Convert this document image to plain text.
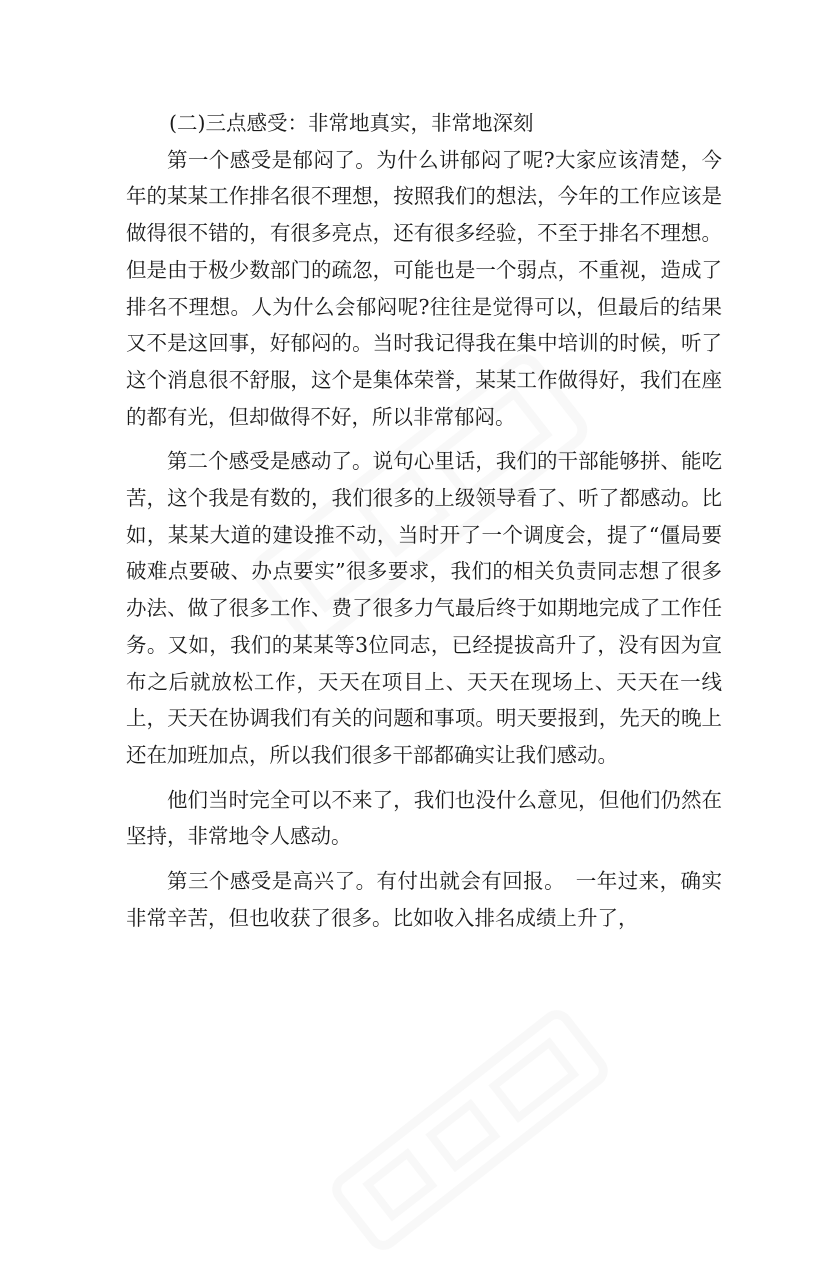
(二)三点感受：非常地真实，非常地深刻

第一个感受是郁闷了。为什么讲郁闷了呢?大家应该清楚，今年的某某工作排名很不理想，按照我们的想法，今年的工作应该是做得很不错的，有很多亮点，还有很多经验，不至于排名不理想。但是由于极少数部门的疏忽，可能也是一个弱点，不重视，造成了排名不理想。人为什么会郁闷呢?往往是觉得可以，但最后的结果又不是这回事，好郁闷的。当时我记得我在集中培训的时候，听了这个消息很不舒服，这个是集体荣誉，某某工作做得好，我们在座的都有光，但却做得不好，所以非常郁闷。

第二个感受是感动了。说句心里话，我们的干部能够拼、能吃苦，这个我是有数的，我们很多的上级领导看了、听了都感动。比如，某某大道的建设推不动，当时开了一个调度会，提了“僵局要破难点要破、办点要实”很多要求，我们的相关负责同志想了很多办法、做了很多工作、费了很多力气最后终于如期地完成了工作任务。又如，我们的某某等3位同志，已经提拔高升了，没有因为宣布之后就放松工作，天天在项目上、天天在现场上、天天在一线上，天天在协调我们有关的问题和事项。明天要报到，先天的晚上还在加班加点，所以我们很多干部都确实让我们感动。

他们当时完全可以不来了，我们也没什么意见，但他们仍然在坚持，非常地令人感动。

第三个感受是高兴了。有付出就会有回报。　一年过来，确实非常辛苦，但也收获了很多。比如收入排名成绩上升了，
